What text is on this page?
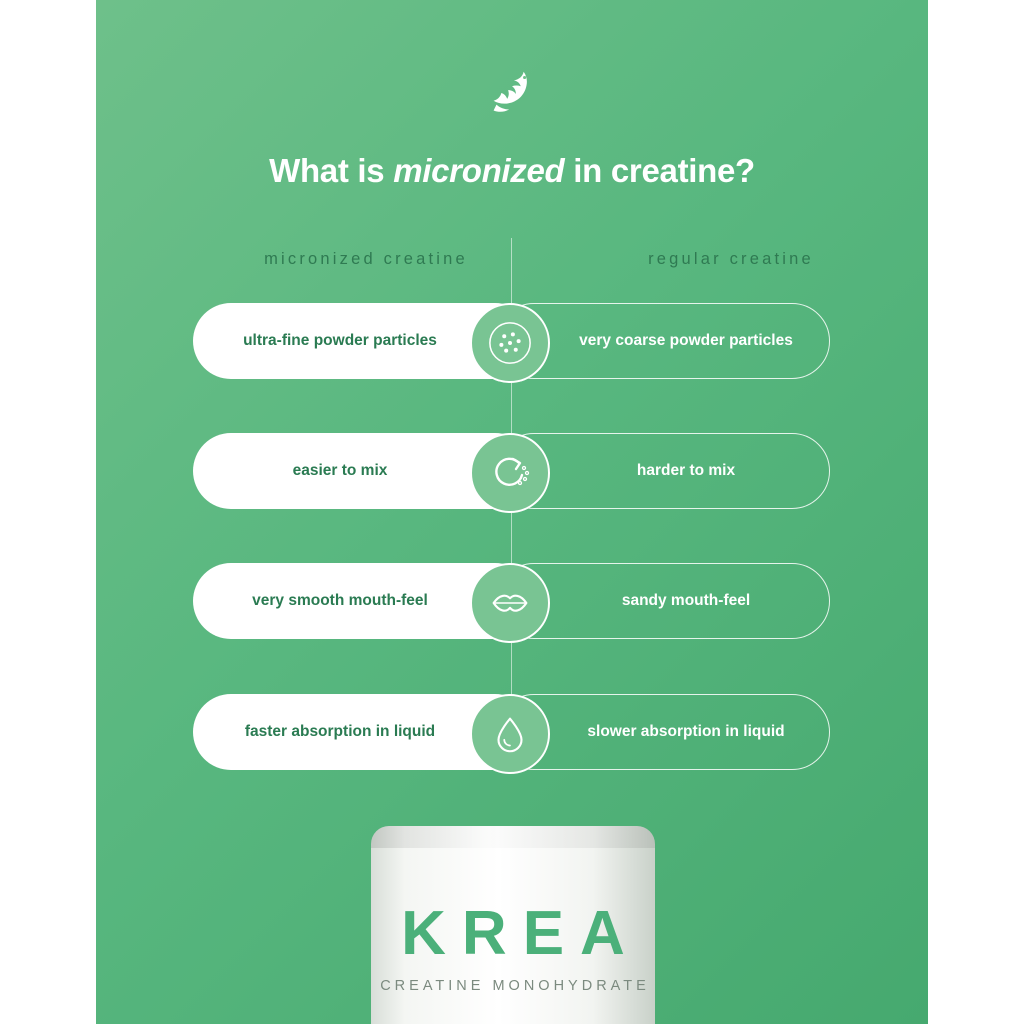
What is micronized in creatine?
micronized creatine	regular creatine
ultra-fine powder particles	very coarse powder particles
easier to mix	harder to mix
very smooth mouth-feel	sandy mouth-feel
faster absorption in liquid	slower absorption in liquid
KREA
CREATINE MONOHYDRATE
